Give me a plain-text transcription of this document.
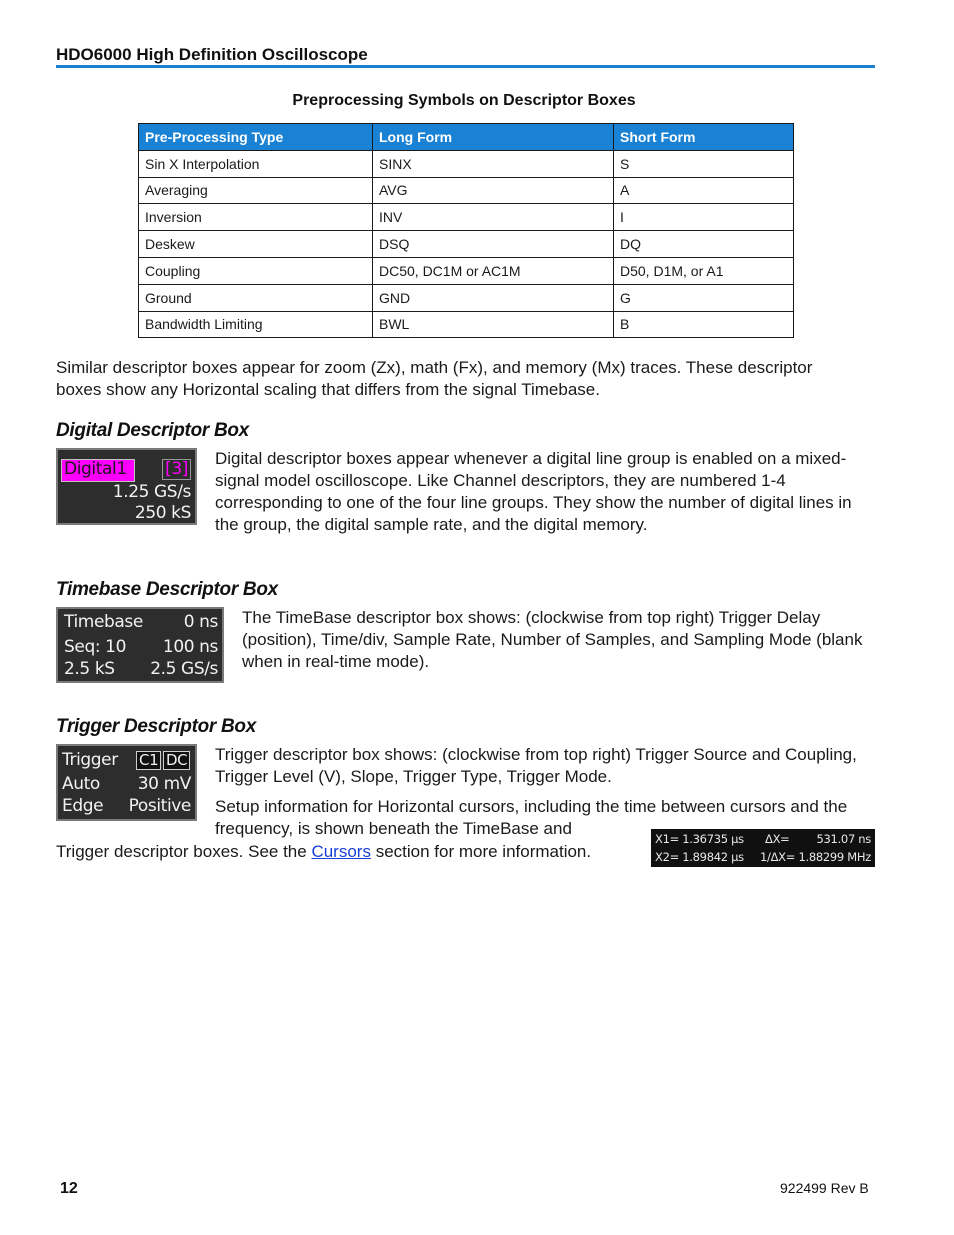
HDO6000 High Definition Oscilloscope
Preprocessing Symbols on Descriptor Boxes
Pre-Processing Type	Long Form	Short Form
Sin X Interpolation	SINX	S
Averaging	AVG	A
Inversion	INV	I
Deskew	DSQ	DQ
Coupling	DC50, DC1M or AC1M	D50, D1M, or A1
Ground	GND	G
Bandwidth Limiting	BWL	B
Similar descriptor boxes appear for zoom (Zx), math (Fx), and memory (Mx) traces. These descriptor boxes show any Horizontal scaling that differs from the signal Timebase.
Digital Descriptor Box
Digital1 [3]
1.25 GS/s
250 kS
Digital descriptor boxes appear whenever a digital line group is enabled on a mixed-signal model oscilloscope. Like Channel descriptors, they are numbered 1-4 corresponding to one of the four line groups. They show the number of digital lines in the group, the digital sample rate, and the digital memory.
Timebase Descriptor Box
Timebase 0 ns
Seq: 10 100 ns
2.5 kS 2.5 GS/s
The TimeBase descriptor box shows: (clockwise from top right) Trigger Delay (position), Time/div, Sample Rate, Number of Samples, and Sampling Mode (blank when in real-time mode).
Trigger Descriptor Box
Trigger C1 DC
Auto 30 mV
Edge Positive
Trigger descriptor box shows: (clockwise from top right) Trigger Source and Coupling, Trigger Level (V), Slope, Trigger Type, Trigger Mode.
Setup information for Horizontal cursors, including the time between cursors and the
frequency, is shown beneath the TimeBase and
Trigger descriptor boxes. See the Cursors section for more information.
X1= 1.36735 µs ΔX= 531.07 ns
X2= 1.89842 µs 1/ΔX= 1.88299 MHz
12	922499 Rev B
